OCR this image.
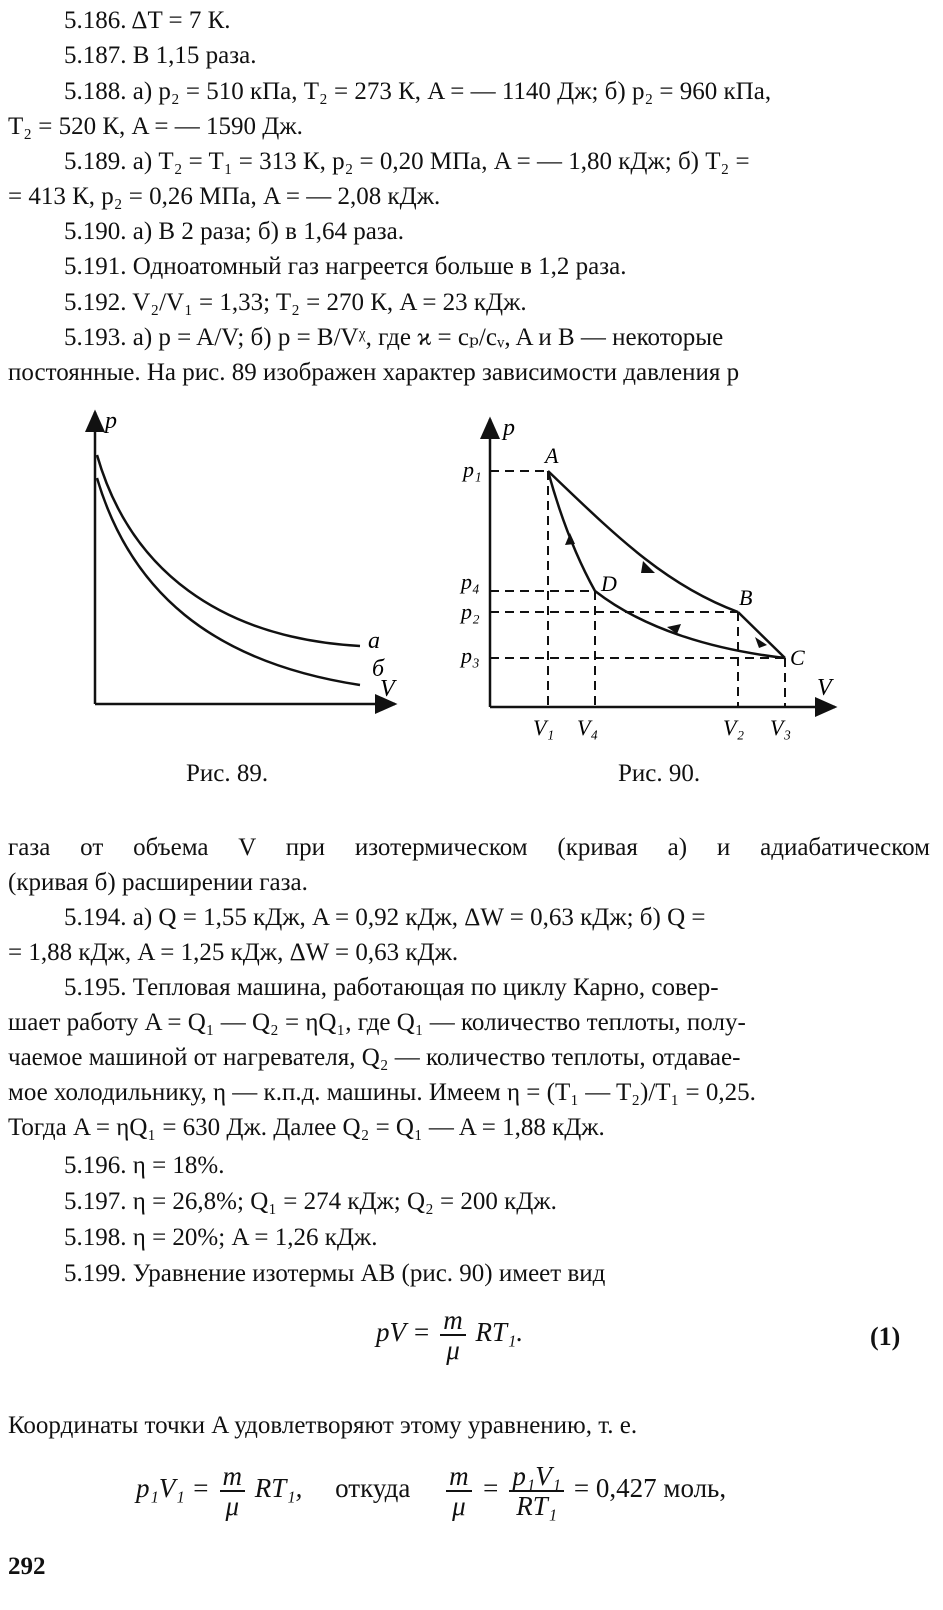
5.186. ΔT = 7 К.
5.187. В 1,15 раза.
5.188. а) p₂ = 510 кПа, T₂ = 273 К, A = — 1140 Дж; б) p₂ = 960 кПа,
T₂ = 520 К, A = — 1590 Дж.
5.189. а) T₂ = T₁ = 313 К, p₂ = 0,20 МПа, A = — 1,80 кДж; б) T₂ =
= 413 К, p₂ = 0,26 МПа, A = — 2,08 кДж.
5.190. а) В 2 раза; б) в 1,64 раза.
5.191. Одноатомный газ нагреется больше в 1,2 раза.
5.192. V₂/V₁ = 1,33; T₂ = 270 К, A = 23 кДж.
5.193. а) p = A/V; б) p = B/Vᵡ, где ϰ = cₚ/cᵥ, A и B — некоторые
постоянные. На рис. 89 изображен характер зависимости давления p
p
V
а
б
Рис. 89.
p
V
A
D
B
C
p₁
p₄
p₂
p₃
V₁ V₄	V₂ V₃
Рис. 90.
газа от объема V при изотермическом (кривая а) и адиабатическом
(кривая б) расширении газа.
5.194. а) Q = 1,55 кДж, A = 0,92 кДж, ΔW = 0,63 кДж; б) Q =
= 1,88 кДж, A = 1,25 кДж, ΔW = 0,63 кДж.
5.195. Тепловая машина, работающая по циклу Карно, совер-
шает работу A = Q₁ — Q₂ = ηQ₁, где Q₁ — количество теплоты, полу-
чаемое машиной от нагревателя, Q₂ — количество теплоты, отдавае-
мое холодильнику, η — к.п.д. машины. Имеем η = (T₁ — T₂)/T₁ = 0,25.
Тогда A = ηQ₁ = 630 Дж. Далее Q₂ = Q₁ — A = 1,88 кДж.
5.196. η = 18%.
5.197. η = 26,8%; Q₁ = 274 кДж; Q₂ = 200 кДж.
5.198. η = 20%; A = 1,26 кДж.
5.199. Уравнение изотермы AB (рис. 90) имеет вид
pV = $\frac{m}{\mu} RT_1$.	(1)
Координаты точки A удовлетворяют этому уравнению, т. е.
$p_1V_1 = \frac{m}{\mu} RT_1$, откуда $\frac{m}{\mu} = \frac{\text{p₁V₁}}{\text{RT₁}} = 0,427$ моль,
292
